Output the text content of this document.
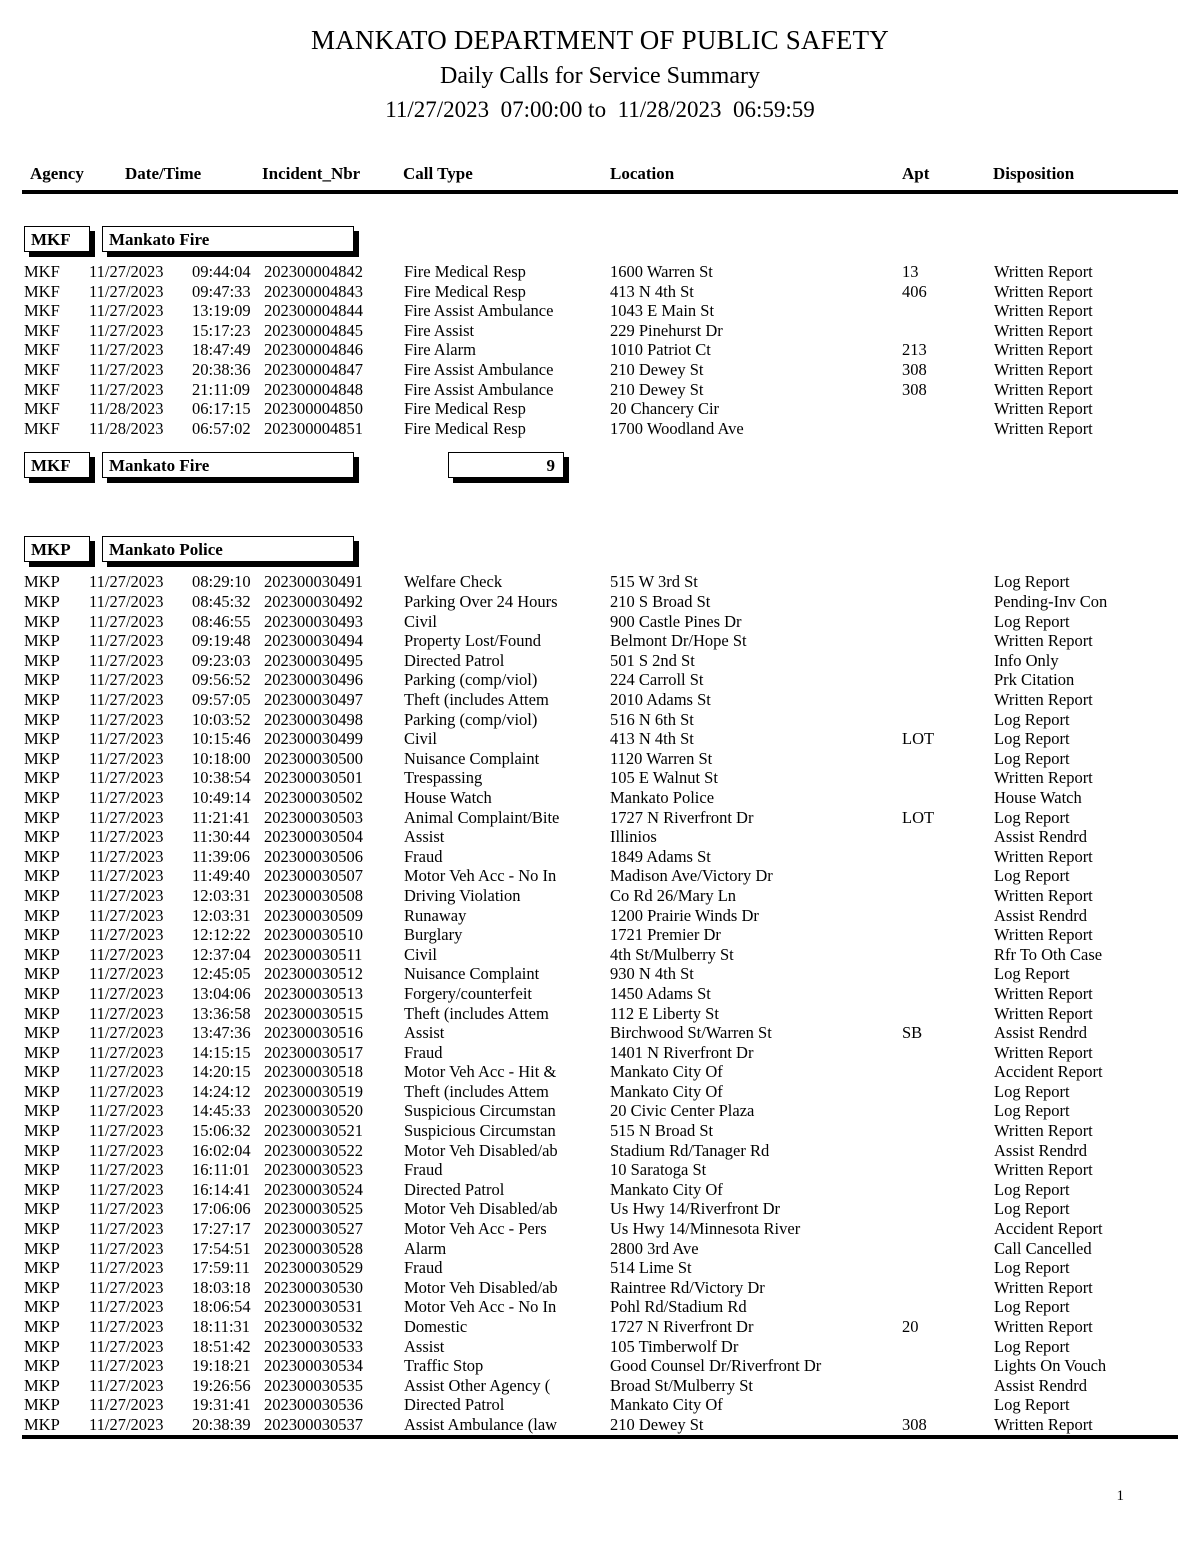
MANKATO DEPARTMENT OF PUBLIC SAFETY
Daily Calls for Service Summary
11/27/2023  07:00:00 to  11/28/2023  06:59:59
Agency Date/Time	Incident_Nbr	Call Type	Location	Apt	Disposition
MKF	Mankato Fire
MKF 11/27/2023 09:44:04 202300004842 Fire Medical Resp	1600 Warren St	13	Written Report
MKF 11/27/2023 09:47:33 202300004843 Fire Medical Resp	413 N 4th St	406	Written Report
MKF 11/27/2023 13:19:09 202300004844 Fire Assist Ambulance	1043 E Main St	Written Report
MKF 11/27/2023 15:17:23 202300004845 Fire Assist	229 Pinehurst Dr	Written Report
MKF 11/27/2023 18:47:49 202300004846 Fire Alarm	1010 Patriot Ct	213	Written Report
MKF 11/27/2023 20:38:36 202300004847 Fire Assist Ambulance	210 Dewey St	308	Written Report
MKF 11/27/2023 21:11:09 202300004848 Fire Assist Ambulance	210 Dewey St	308	Written Report
MKF 11/28/2023 06:17:15 202300004850 Fire Medical Resp	20 Chancery Cir	Written Report
MKF 11/28/2023 06:57:02 202300004851 Fire Medical Resp	1700 Woodland Ave	Written Report
MKF	Mankato Fire	9
MKP	Mankato Police
MKP 11/27/2023 08:29:10 202300030491 Welfare Check	515 W 3rd St	Log Report
MKP 11/27/2023 08:45:32 202300030492 Parking Over 24 Hours	210 S Broad St	Pending-Inv Con
MKP 11/27/2023 08:46:55 202300030493 Civil	900 Castle Pines Dr	Log Report
MKP 11/27/2023 09:19:48 202300030494 Property Lost/Found	Belmont Dr/Hope St	Written Report
MKP 11/27/2023 09:23:03 202300030495 Directed Patrol	501 S 2nd St	Info Only
MKP 11/27/2023 09:56:52 202300030496 Parking (comp/viol)	224 Carroll St	Prk Citation
MKP 11/27/2023 09:57:05 202300030497 Theft (includes Attem	2010 Adams St	Written Report
MKP 11/27/2023 10:03:52 202300030498 Parking (comp/viol)	516 N 6th St	Log Report
MKP 11/27/2023 10:15:46 202300030499 Civil	413 N 4th St	LOT	Log Report
MKP 11/27/2023 10:18:00 202300030500 Nuisance Complaint	1120 Warren St	Log Report
MKP 11/27/2023 10:38:54 202300030501 Trespassing	105 E Walnut St	Written Report
MKP 11/27/2023 10:49:14 202300030502 House Watch	Mankato Police	House Watch
MKP 11/27/2023 11:21:41 202300030503 Animal Complaint/Bite	1727 N Riverfront Dr	LOT	Log Report
MKP 11/27/2023 11:30:44 202300030504 Assist	Illinios	Assist Rendrd
MKP 11/27/2023 11:39:06 202300030506 Fraud	1849 Adams St	Written Report
MKP 11/27/2023 11:49:40 202300030507 Motor Veh Acc - No In	Madison Ave/Victory Dr	Log Report
MKP 11/27/2023 12:03:31 202300030508 Driving Violation	Co Rd 26/Mary Ln	Written Report
MKP 11/27/2023 12:03:31 202300030509 Runaway	1200 Prairie Winds Dr	Assist Rendrd
MKP 11/27/2023 12:12:22 202300030510 Burglary	1721 Premier Dr	Written Report
MKP 11/27/2023 12:37:04 202300030511	Civil	4th St/Mulberry St	Rfr To Oth Case
MKP 11/27/2023 12:45:05 202300030512 Nuisance Complaint	930 N 4th St	Log Report
MKP 11/27/2023 13:04:06 202300030513 Forgery/counterfeit	1450 Adams St	Written Report
MKP 11/27/2023 13:36:58 202300030515 Theft (includes Attem	112 E Liberty St	Written Report
MKP 11/27/2023 13:47:36 202300030516 Assist	Birchwood St/Warren St	SB	Assist Rendrd
MKP 11/27/2023 14:15:15 202300030517 Fraud	1401 N Riverfront Dr	Written Report
MKP 11/27/2023 14:20:15 202300030518 Motor Veh Acc - Hit &	Mankato City Of	Accident Report
MKP 11/27/2023 14:24:12 202300030519 Theft (includes Attem	Mankato City Of	Log Report
MKP 11/27/2023 14:45:33 202300030520 Suspicious Circumstan	20 Civic Center Plaza	Log Report
MKP 11/27/2023 15:06:32 202300030521 Suspicious Circumstan	515 N Broad St	Written Report
MKP 11/27/2023 16:02:04 202300030522 Motor Veh Disabled/ab	Stadium Rd/Tanager Rd	Assist Rendrd
MKP 11/27/2023 16:11:01 202300030523 Fraud	10 Saratoga St	Written Report
MKP 11/27/2023 16:14:41 202300030524 Directed Patrol	Mankato City Of	Log Report
MKP 11/27/2023 17:06:06 202300030525 Motor Veh Disabled/ab	Us Hwy 14/Riverfront Dr	Log Report
MKP 11/27/2023 17:27:17 202300030527 Motor Veh Acc - Pers	Us Hwy 14/Minnesota River	Accident Report
MKP 11/27/2023 17:54:51 202300030528 Alarm	2800 3rd Ave	Call Cancelled
MKP 11/27/2023 17:59:11 202300030529 Fraud	514 Lime St	Log Report
MKP 11/27/2023 18:03:18 202300030530 Motor Veh Disabled/ab	Raintree Rd/Victory Dr	Written Report
MKP 11/27/2023 18:06:54 202300030531 Motor Veh Acc - No In	Pohl Rd/Stadium Rd	Log Report
MKP 11/27/2023 18:11:31 202300030532 Domestic	1727 N Riverfront Dr	20	Written Report
MKP 11/27/2023 18:51:42 202300030533 Assist	105 Timberwolf Dr	Log Report
MKP 11/27/2023 19:18:21 202300030534 Traffic Stop	Good Counsel Dr/Riverfront Dr	Lights On Vouch
MKP 11/27/2023 19:26:56 202300030535 Assist Other Agency (	Broad St/Mulberry St	Assist Rendrd
MKP 11/27/2023 19:31:41 202300030536 Directed Patrol	Mankato City Of	Log Report
MKP 11/27/2023 20:38:39 202300030537 Assist Ambulance (law	210 Dewey St	308	Written Report
1
